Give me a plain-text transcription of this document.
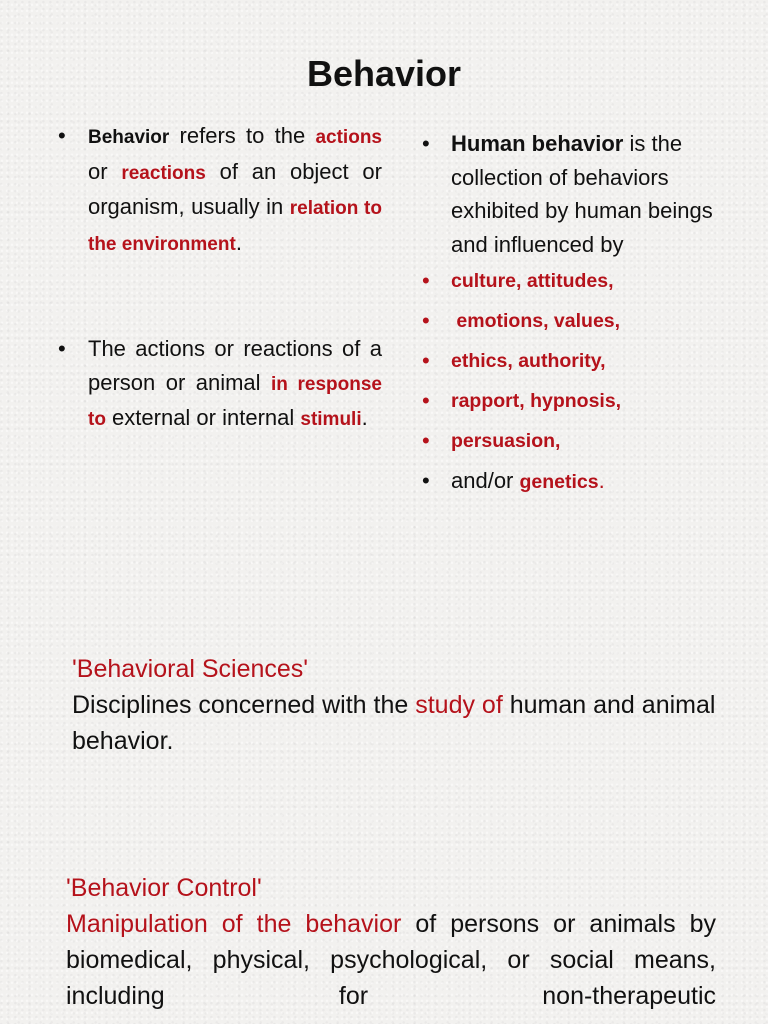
Behavior
• Behavior refers to the actions or reactions of an object or organism, usually in relation to the environment.
• The actions or reactions of a person or animal in response to external or internal stimuli.
• Human behavior is the collection of behaviors exhibited by human beings and influenced by
• culture, attitudes,
• emotions, values,
• ethics, authority,
• rapport, hypnosis,
• persuasion,
• and/or genetics.
'Behavioral Sciences'
Disciplines concerned with the study of human and animal behavior.
'Behavior Control'
Manipulation of the behavior of persons or animals by biomedical, physical, psychological, or social means, including for non-therapeutic
